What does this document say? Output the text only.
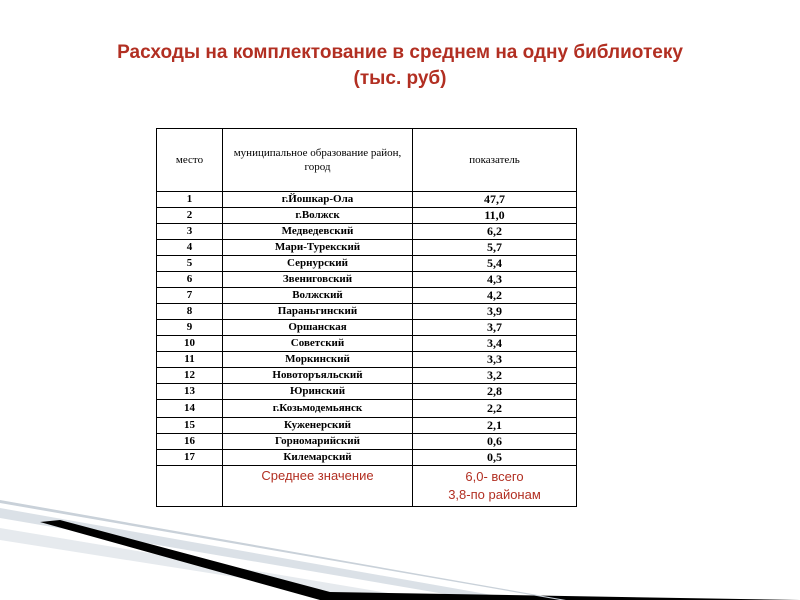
Расходы на комплектование в среднем на одну библиотеку
(тыс. руб)
место	муниципальное образование район, город	показатель
1	г.Йошкар-Ола	47,7
2	г.Волжск	11,0
3	Медведевский	6,2
4	Мари-Турекский	5,7
5	Сернурский	5,4
6	Звениговский	4,3
7	Волжский	4,2
8	Параньгинский	3,9
9	Оршанская	3,7
10	Советский	3,4
11	Моркинский	3,3
12	Новоторъяльский	3,2
13	Юринский	2,8
14	г.Козьмодемьянск	2,2
15	Куженерский	2,1
16	Горномарийский	0,6
17	Килемарский	0,5
	Среднее значение	6,0- всего
3,8-по районам
